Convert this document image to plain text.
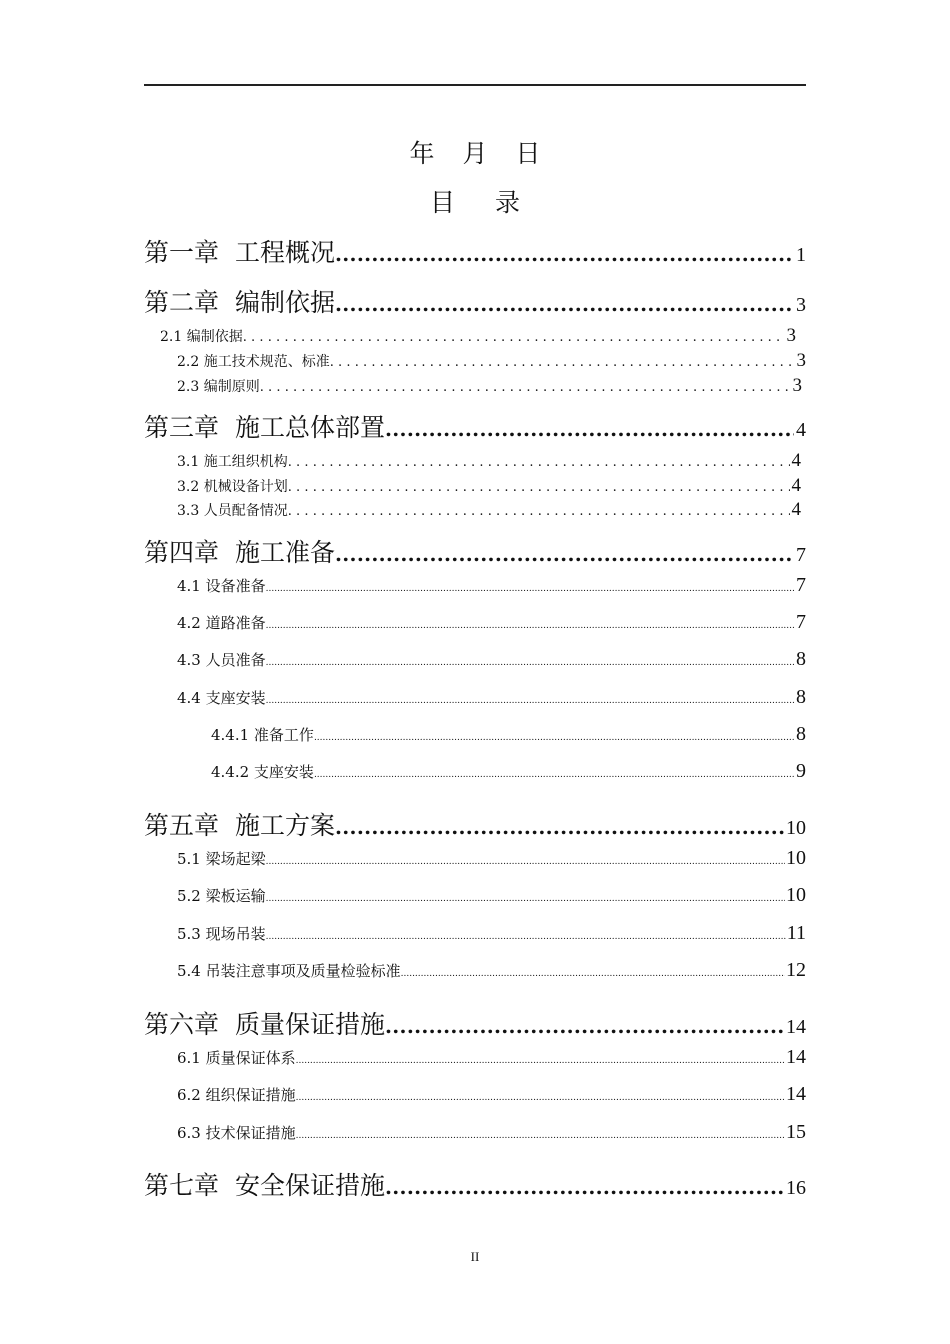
年 月 日
目 录
第一章 工程概况 .....	1
第二章 编制依据 .....	3
2.1 编制依据 .....	3
2.2 施工技术规范、标准 .....	3
2.3 编制原则 .....	3
第三章 施工总体部置 .....	4
3.1 施工组织机构 .....	4
3.2 机械设备计划 .....	4
3.3 人员配备情况 .....	4
第四章 施工准备 .....	7
4.1 设备准备 .....	7
4.2 道路准备 .....	7
4.3 人员准备 .....	8
4.4 支座安装 .....	8
4.4.1 准备工作 .....	8
4.4.2 支座安装 .....	9
第五章 施工方案 .....	10
5.1 梁场起梁 .....	10
5.2 梁板运输 .....	10
5.3 现场吊装 .....	11
5.4 吊装注意事项及质量检验标准 .....	12
第六章 质量保证措施 .....	14
6.1 质量保证体系 .....	14
6.2 组织保证措施 .....	14
6.3 技术保证措施 .....	15
第七章 安全保证措施 .....	16
II
